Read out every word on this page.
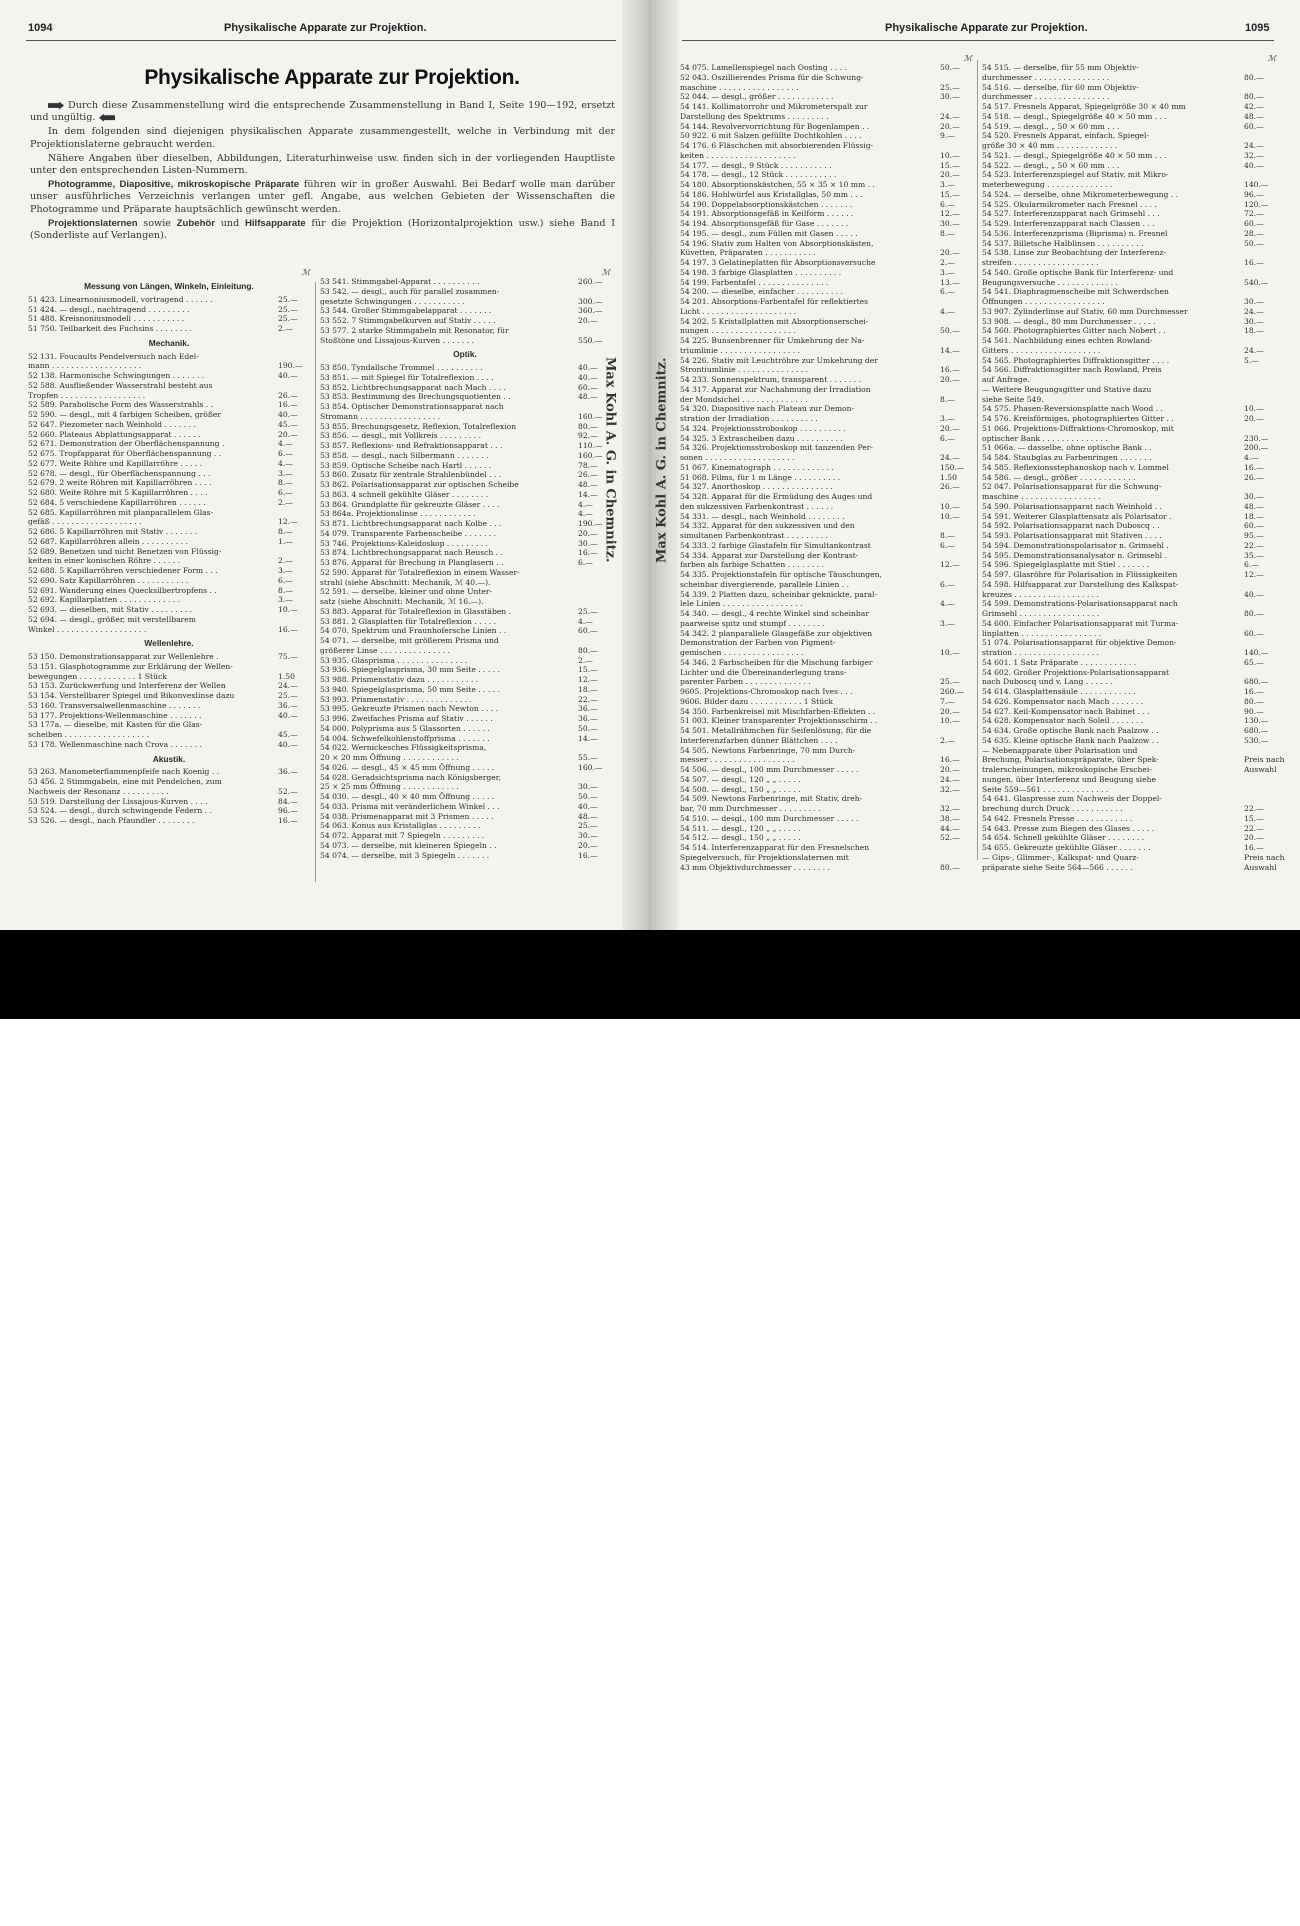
1094	Physikalische Apparate zur Projektion.
Physikalische Apparate zur Projektion.

Durch diese Zusammenstellung wird die entsprechende Zusammenstellung in Band I, Seite 190—192, ersetzt und ungültig.

In dem folgenden sind diejenigen physikalischen Apparate zusammengestellt, welche in Verbindung mit der Projektionslaterne gebraucht werden.

Nähere Angaben über dieselben, Abbildungen, Literaturhinweise usw. finden sich in der vorliegenden Hauptliste unter den entsprechenden Listen-Nummern.

Photogramme, Diapositive, mikroskopische Präparate führen wir in großer Auswahl. Bei Bedarf wolle man darüber unser ausführliches Verzeichnis verlangen unter gefl. Angabe, aus welchen Gebieten der Wissenschaften die Photogramme und Präparate hauptsächlich gewünscht werden.

Projektionslaternen sowie Zubehör und Hilfsapparate für die Projektion (Horizontalprojektion usw.) siehe Band I (Sonderliste auf Verlangen).

ℳ
Messung von Längen, Winkeln, Einleitung.
51 423. Linearnoniusmodell, vortragend . . . . . .	25.—
51 424. — desgl., nachtragend . . . . . . . . .	25.—
51 488. Kreisnoniusmodell . . . . . . . . . . .	25.—
51 750. Teilbarkeit des Fuchsins . . . . . . . .	2.—
Mechanik.
52 131. Foucaults Pendelversuch nach Edel-
mann . . . . . . . . . . . . . . . . . . .	190.—
52 138. Harmonische Schwingungen . . . . . . .	40.—
52 588. Ausfließender Wasserstrahl besteht aus
Tropfen . . . . . . . . . . . . . . . . . .	26.—
52 589. Parabolische Form des Wasserstrahls . .	16.—
52 590. — desgl., mit 4 farbigen Scheiben, größer	40.—
52 647. Piezometer nach Weinhold . . . . . . .	45.—
52 660. Plateaus Abplattungsapparat . . . . . .	20.—
52 671. Demonstration der Oberflächenspannung .	4.—
52 675. Tropfapparat für Oberflächenspannung . .	6.—
52 677. Weite Röhre und Kapillarröhre . . . . .	4.—
52 678. — desgl., für Oberflächenspannung . . .	3.—
52 679. 2 weite Röhren mit Kapillarröhren . . . .	8.—
52 680. Weite Röhre mit 5 Kapillarröhren . . . .	6.—
52 684. 5 verschiedene Kapillarröhren . . . . . .	2.—
52 685. Kapillarröhren mit planparallelem Glas-
gefäß . . . . . . . . . . . . . . . . . . .	12.—
52 686. 5 Kapillarröhren mit Stativ . . . . . . .	8.—
52 687. Kapillarröhren allein . . . . . . . . . .	1.—
52 689. Benetzen und nicht Benetzen von Flüssig-
keiten in einer konischen Röhre . . . . . .	2.—
52 688. 5 Kapillarröhren verschiedener Form . . .	3.—
52 690. Satz Kapillarröhren . . . . . . . . . . .	6.—
52 691. Wanderung eines Quecksilbertropfens . .	8.—
52 692. Kapillarplatten . . . . . . . . . . . . .	3.—
52 693. — dieselben, mit Stativ . . . . . . . . .	10.—
52 694. — desgl., größer, mit verstellbarem
Winkel . . . . . . . . . . . . . . . . . . .	16.—
Wellenlehre.
53 150. Demonstrationsapparat zur Wellenlehre .	75.—
53 151. Glasphotogramme zur Erklärung der Wellen-
bewegungen . . . . . . . . . . . . 1 Stück	1.50
53 153. Zurückwerfung und Interferenz der Wellen	24.—
53 154. Verstellbarer Spiegel und Bikonvexlinse dazu	25.—
53 160. Transversalwellenmaschine . . . . . . .	36.—
53 177. Projektions-Wellenmaschine . . . . . . .	40.—
53 177a. — dieselbe, mit Kasten für die Glas-
scheiben . . . . . . . . . . . . . . . . . .	45.—
53 178. Wellenmaschine nach Crova . . . . . . .	40.—
Akustik.
53 263. Manometerflammenpfeife nach Koenig . .	36.—
53 456. 2 Stimmgabeln, eine mit Pendelchen, zum
Nachweis der Resonanz . . . . . . . . . .	52.—
53 519. Darstellung der Lissajous-Kurven . . . .	84.—
53 524. — desgl., durch schwingende Federn . .	96.—
53 526. — desgl., nach Pfaundler . . . . . . . .	16.—
ℳ
53 541. Stimmgabel-Apparat . . . . . . . . . .	260.—
53 542. — desgl., auch für parallel zusammen-
gesetzte Schwingungen . . . . . . . . . . .	300.—
53 544. Großer Stimmgabelapparat . . . . . . .	360.—
53 552. 7 Stimmgabelkurven auf Stativ . . . . .	20.—
53 577. 2 starke Stimmgabeln mit Resonator, für
Stoßtöne und Lissajous-Kurven . . . . . . .	550.—
Optik.
53 850. Tyndallsche Trommel . . . . . . . . . .	40.—
53 851. — mit Spiegel für Totalreflexion . . . .	40.—
53 852. Lichtbrechungsapparat nach Mach . . . .	60.—
53 853. Bestimmung des Brechungsquotienten . .	48.—
53 854. Optischer Demonstrationsapparat nach
Stromann . . . . . . . . . . . . . . . . .	160.—
53 855. Brechungsgesetz, Reflexion, Totalreflexion	80.—
53 856. — desgl., mit Vollkreis . . . . . . . . .	92.—
53 857. Reflexions- und Refraktionsapparat . . .	110.—
53 858. — desgl., nach Silbermann . . . . . . .	160.—
53 859. Optische Scheibe nach Hartl . . . . . .	78.—
53 860. Zusatz für zentrale Strahlenbündel . . .	26.—
53 862. Polarisationsapparat zur optischen Scheibe	48.—
53 863. 4 schnell gekühlte Gläser . . . . . . . .	14.—
53 864. Grundplatte für gekreuzte Gläser . . . .	4.—
53 864a. Projektionslinse . . . . . . . . . . . .	4.—
53 871. Lichtbrechungsapparat nach Kolbe . . .	190.—
54 079. Transparente Farbenscheibe . . . . . . .	20.—
53 746. Projektions-Kaleidoskop . . . . . . . . .	30.—
53 874. Lichtbrechungsapparat nach Reusch . .	16.—
53 876. Apparat für Brechung in Planglasern . .	6.—
52 590. Apparat für Totalreflexion in einem Wasser-
strahl (siehe Abschnitt: Mechanik, ℳ 40.—).
52 591. — derselbe, kleiner und ohne Unter-
satz (siehe Abschnitt: Mechanik, ℳ 16.—).
53 883. Apparat für Totalreflexion in Glasstäben .	25.—
53 881. 2 Glasplatten für Totalreflexion . . . . .	4.—
54 070. Spektrum und Fraunhofersche Linien . .	60.—
54 071. — derselbe, mit größerem Prisma und
größerer Linse . . . . . . . . . . . . . . .	80.—
53 935. Glasprisma . . . . . . . . . . . . . . .	2.—
53 936. Spiegelglasprisma, 30 mm Seite . . . . .	15.—
53 988. Prismenstativ dazu . . . . . . . . . . .	12.—
53 940. Spiegelglasprisma, 50 mm Seite . . . . .	18.—
53 993. Prismenstativ . . . . . . . . . . . . . .	22.—
53 995. Gekreuzte Prismen nach Newton . . . .	36.—
53 996. Zweifaches Prisma auf Stativ . . . . . .	36.—
54 000. Polyprisma aus 5 Glassorten . . . . . .	50.—
54 004. Schwefelkohlenstoffprisma . . . . . . .	14.—
54 022. Wernickesches Flüssigkeitsprisma,
20 × 20 mm Öffnung . . . . . . . . . . . .	55.—
54 026. — desgl., 45 × 45 mm Öffnung . . . . .	160.—
54 028. Geradsichtsprisma nach Königsberger,
25 × 25 mm Öffnung . . . . . . . . . . . .	30.—
54 030. — desgl., 40 × 40 mm Öffnung . . . . .	50.—
54 033. Prisma mit veränderlichem Winkel . . .	40.—
54 038. Prismenapparat mit 3 Prismen . . . . .	48.—
54 063. Konus aus Kristallglas . . . . . . . . .	25.—
54 072. Apparat mit 7 Spiegeln . . . . . . . . .	30.—
54 073. — derselbe, mit kleineren Spiegeln . .	20.—
54 074. — derselbe, mit 3 Spiegeln . . . . . . .	16.—
Max Kohl A. G. in Chemnitz.	Max Kohl A. G. in Chemnitz.
Physikalische Apparate zur Projektion.	1095
ℳ
54 075. Lamellenspiegel nach Oosting . . . .	50.—
52 043. Oszillierendes Prisma für die Schwung-
maschine . . . . . . . . . . . . . . . . .	25.—
52 044. — desgl., größer . . . . . . . . . . . .	30.—
54 141. Kollimatorrohr und Mikrometerspalt zur
Darstellung des Spektrums . . . . . . . . .	24.—
54 144. Revolvervorrichtung für Bogenlampen . .	20.—
50 922. 6 mit Salzen gefüllte Dochtkohlen . . . .	9.—
54 176. 6 Fläschchen mit absorbierenden Flüssig-
keiten . . . . . . . . . . . . . . . . . . .	10.—
54 177. — desgl., 9 Stück . . . . . . . . . . .	15.—
54 178. — desgl., 12 Stück . . . . . . . . . . .	20.—
54 180. Absorptionskästchen, 55 × 35 × 10 mm . .	3.—
54 186. Hohlwürfel aus Kristallglas, 50 mm . . .	15.—
54 190. Doppelabsorptionskästchen . . . . . . .	6.—
54 191. Absorptionsgefäß in Keilform . . . . . .	12.—
54 194. Absorptionsgefäß für Gase . . . . . . .	30.—
54 195. — desgl., zum Füllen mit Gasen . . . . .	8.—
54 196. Stativ zum Halten von Absorptionskästen,
Küvetten, Präparaten . . . . . . . . . . .	20.—
54 197. 3 Gelatineplatten für Absorptionsversuche	2.—
54 198. 3 farbige Glasplatten . . . . . . . . . .	3.—
54 199. Farbentafel . . . . . . . . . . . . . . .	13.—
54 200. — dieselbe, einfacher . . . . . . . . . .	6.—
54 201. Absorptions-Farbentafel für reflektiertes
Licht . . . . . . . . . . . . . . . . . . . .	4.—
54 202. 5 Kristallplatten mit Absorptionserschei-
nungen . . . . . . . . . . . . . . . . . .	50.—
54 225. Bunsenbrenner für Umkehrung der Na-
triumlinie . . . . . . . . . . . . . . . . .	14.—
54 226. Stativ mit Leuchtröhre zur Umkehrung der
Strontiumlinie . . . . . . . . . . . . . . .	16.—
54 233. Sonnenspektrum, transparent . . . . . . .	20.—
54 317. Apparat zur Nachahmung der Irradiation
der Mondsichel . . . . . . . . . . . . . .	8.—
54 320. Diapositive nach Plateau zur Demon-
stration der Irradiation . . . . . . . . . .	3.—
54 324. Projektionsstroboskop . . . . . . . . . .	20.—
54 325. 3 Extrascheiben dazu . . . . . . . . . .	6.—
54 326. Projektionsstroboskop mit tanzenden Per-
sonen . . . . . . . . . . . . . . . . . . .	24.—
51 067. Kinematograph . . . . . . . . . . . . .	150.—
51 068. Films, für 1 m Länge . . . . . . . . . .	1.50
54 327. Anorthoskop . . . . . . . . . . . . . . .	26.—
54 328. Apparat für die Ermüdung des Auges und
den sukzessiven Farbenkontrast . . . . . .	10.—
54 331. — desgl., nach Weinhold . . . . . . . .	10.—
54 332. Apparat für den sukzessiven und den
simultanen Farbenkontrast . . . . . . . . .	8.—
54 333. 2 farbige Glastafeln für Simultankontrast	6.—
54 334. Apparat zur Darstellung der Kontrast-
farben als farbige Schatten . . . . . . . .	12.—
54 335. Projektionstafeln für optische Täuschungen,
scheinbar divergierende, parallele Linien . .	6.—
54 339. 2 Platten dazu, scheinbar geknickte, paral-
lele Linien . . . . . . . . . . . . . . . . .	4.—
54 340. — desgl., 4 rechte Winkel sind scheinbar
paarweise spitz und stumpf . . . . . . . .	3.—
54 342. 2 planparallele Glasgefäße zur objektiven
Demonstration der Farben von Pigment-
gemischen . . . . . . . . . . . . . . . . .	10.—
54 346. 2 Farbscheiben für die Mischung farbiger
Lichter und die Übereinanderlegung trans-
parenter Farben . . . . . . . . . . . . . .	25.—
9605. Projektions-Chromoskop nach Ives . . .	260.—
9606. Bilder dazu . . . . . . . . . . . 1 Stück	7.—
54 350. Farbenkreisel mit Mischfarben-Effekten . .	20.—
51 003. Kleiner transparenter Projektionsschirm . .	10.—
54 501. Metallrähmchen für Seifenlösung, für die
Interferenzfarben dünner Blättchen . . . .	2.—
54 505. Newtons Farbenringe, 70 mm Durch-
messer . . . . . . . . . . . . . . . . . .	16.—
54 506. — desgl., 100 mm Durchmesser . . . . .	20.—
54 507. — desgl., 120 „ „ . . . . .	24.—
54 508. — desgl., 150 „ „ . . . . .	32.—
54 509. Newtons Farbenringe, mit Stativ, dreh-
bar, 70 mm Durchmesser . . . . . . . . .	32.—
54 510. — desgl., 100 mm Durchmesser . . . . .	38.—
54 511. — desgl., 120 „ „ . . . . .	44.—
54 512. — desgl., 150 „ „ . . . . .	52.—
54 514. Interferenzapparat für den Fresnelschen
Spiegelversuch, für Projektionslaternen mit
43 mm Objektivdurchmesser . . . . . . . .	80.—
ℳ
54 515. — derselbe, für 55 mm Objektiv-
durchmesser . . . . . . . . . . . . . . . .	80.—
54 516. — derselbe, für 60 mm Objektiv-
durchmesser . . . . . . . . . . . . . . . .	80.—
54 517. Fresnels Apparat, Spiegelgröße 30 × 40 mm	42.—
54 518. — desgl., Spiegelgröße 40 × 50 mm . . .	48.—
54 519. — desgl., „ 50 × 60 mm . . .	60.—
54 520. Fresnels Apparat, einfach, Spiegel-
größe 30 × 40 mm . . . . . . . . . . . . .	24.—
54 521. — desgl., Spiegelgröße 40 × 50 mm . . .	32.—
54 522. — desgl., „ 50 × 60 mm . . .	40.—
54 523. Interferenzspiegel auf Stativ, mit Mikro-
meterbewegung . . . . . . . . . . . . . .	140.—
54 524. — derselbe, ohne Mikrometerbewegung . .	96.—
54 525. Okularmikrometer nach Fresnel . . . .	120.—
54 527. Interferenzapparat nach Grimsehl . . .	72.—
54 529. Interferenzapparat nach Classen . . .	60.—
54 536. Interferenzprisma (Biprisma) n. Fresnel	28.—
54 537. Billetsche Halblinsen . . . . . . . . . .	50.—
54 538. Linse zur Beobachtung der Interferenz-
streifen . . . . . . . . . . . . . . . . . .	16.—
54 540. Große optische Bank für Interferenz- und
Beugungsversuche . . . . . . . . . . . . .	540.—
54 541. Diaphragmenscheibe mit Schwerdschen
Öffnungen . . . . . . . . . . . . . . . . .	30.—
53 907. Zylinderlinse auf Stativ, 60 mm Durchmesser	24.—
53 908. — desgl., 80 mm Durchmesser . . . . .	30.—
54 560. Photographiertes Gitter nach Nobert . .	18.—
54 561. Nachbildung eines echten Rowland-
Gitters . . . . . . . . . . . . . . . . . . .	24.—
54 565. Photographiertes Diffraktionsgitter . . . .	5.—
54 566. Diffraktionsgitter nach Rowland, Preis
auf Anfrage.
— Weitere Beugungsgitter und Stative dazu
siehe Seite 549.
54 575. Phasen-Reversionsplatte nach Wood . .	10.—
54 576. Kreisförmiges, photographiertes Gitter . .	20.—
51 066. Projektions-Diffraktions-Chromoskop, mit
optischer Bank . . . . . . . . . . . . . .	230.—
51 066a. — dasselbe, ohne optische Bank . .	200.—
54 584. Staubglas zu Farbenringen . . . . . . .	4.—
54 585. Reflexionsstephanoskop nach v. Lommel	16.—
54 586. — desgl., größer . . . . . . . . . . . .	26.—
52 047. Polarisationsapparat für die Schwung-
maschine . . . . . . . . . . . . . . . . .	30.—
54 590. Polarisationsapparat nach Weinhold . .	48.—
54 591. Weiterer Glasplattensatz als Polarisator .	18.—
54 592. Polarisationsapparat nach Duboscq . .	60.—
54 593. Polarisationsapparat mit Stativen . . . .	95.—
54 594. Demonstrationspolarisator n. Grimsehl .	22.—
54 595. Demonstrationsanalysator n. Grimsehl .	35.—
54 596. Spiegelglasplatte mit Stiel . . . . . . .	6.—
54 597. Glasröhre für Polarisation in Flüssigkeiten	12.—
54 598. Hilfsapparat zur Darstellung des Kalkspat-
kreuzes . . . . . . . . . . . . . . . . . .	40.—
54 599. Demonstrations-Polarisationsapparat nach
Grimsehl . . . . . . . . . . . . . . . . .	80.—
54 600. Einfacher Polarisationsapparat mit Turma-
linplatten . . . . . . . . . . . . . . . . .	60.—
51 074. Polarisationsapparat für objektive Demon-
stration . . . . . . . . . . . . . . . . . .	140.—
54 601. 1 Satz Präparate . . . . . . . . . . . .	65.—
54 602. Großer Projektions-Polarisationsapparat
nach Duboscq und v. Lang . . . . . .	680.—
54 614. Glasplattensäule . . . . . . . . . . . .	16.—
54 626. Kompensator nach Mach . . . . . . .	80.—
54 627. Keil-Kompensator nach Babinet . . .	90.—
54 628. Kompensator nach Soleil . . . . . . .	130.—
54 634. Große optische Bank nach Paalzow . .	680.—
54 635. Kleine optische Bank nach Paalzow . .	530.—
— Nebenapparate über Polarisation und
Brechung, Polarisationspräparate, über Spek-	Preis nach
tralerscheinungen, mikroskopische Erschei-	Auswahl
nungen, über Interferenz und Beugung siehe
Seite 559—561 . . . . . . . . . . . . . .
54 641. Glaspresse zum Nachweis der Doppel-
brechung durch Druck . . . . . . . . . . .	22.—
54 642. Fresnels Presse . . . . . . . . . . . .	15.—
54 643. Presse zum Biegen des Glases . . . . .	22.—
54 654. Schnell gekühlte Gläser . . . . . . . .	20.—
54 655. Gekreuzte gekühlte Gläser . . . . . . .	16.—
— Gips-, Glimmer-, Kalkspat- und Quarz-	Preis nach
präparate siehe Seite 564—566 . . . . . .	Auswahl
alamy	Image ID: 2E4THJ7
www.alamy.com
